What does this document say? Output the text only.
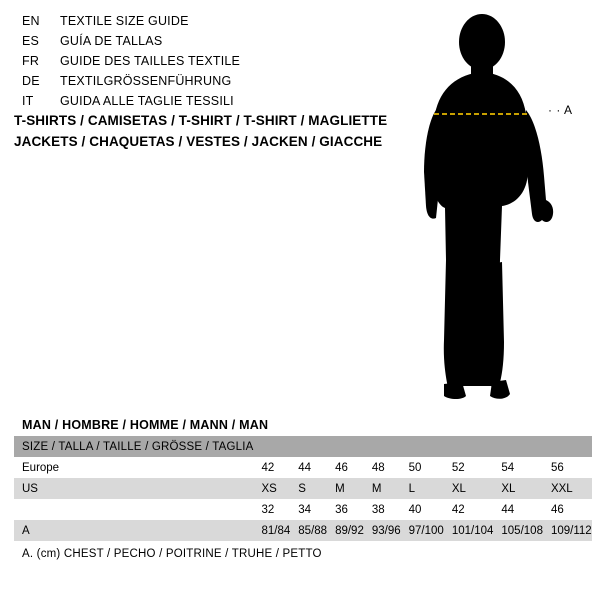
EN	TEXTILE SIZE GUIDE
ES	GUÍA DE TALLAS
FR	GUIDE DES TAILLES TEXTILE
DE	TEXTILGRÖSSENFÜHRUNG
IT	GUIDA ALLE TAGLIE TESSILI
T-SHIRTS / CAMISETAS / T-SHIRT / T-SHIRT / MAGLIETTE
JACKETS / CHAQUETAS / VESTES / JACKEN / GIACCHE
· · A
MAN / HOMBRE / HOMME / MANN / MAN
SIZE / TALLA / TAILLE / GRÖSSE / TAGLIA								
Europe	42	44	46	48	50	52	54	56
US	XS	S	M	M	L	XL	XL	XXL
	32	34	36	38	40	42	44	46
A	81/84	85/88	89/92	93/96	97/100	101/104	105/108	109/112
A. (cm) CHEST / PECHO / POITRINE / TRUHE / PETTO
